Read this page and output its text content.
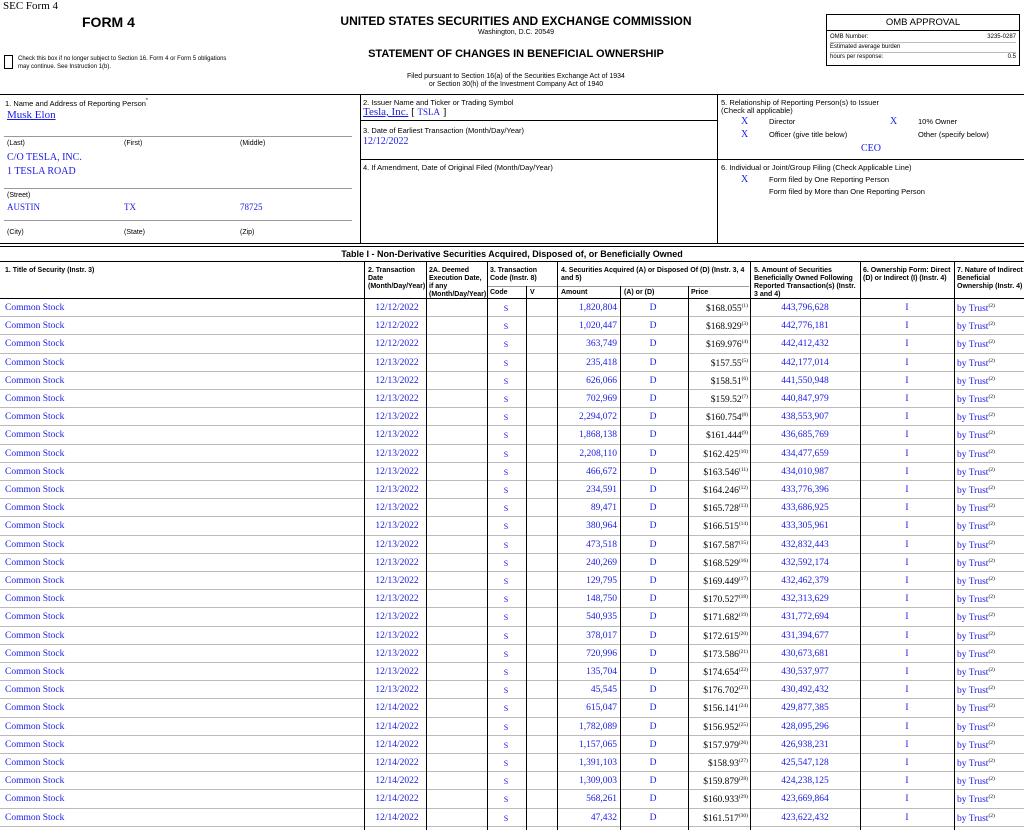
SEC Form 4
FORM 4	UNITED STATES SECURITIES AND EXCHANGE COMMISSION
Washington, D.C. 20549
STATEMENT OF CHANGES IN BENEFICIAL OWNERSHIP
Filed pursuant to Section 16(a) of the Securities Exchange Act of 1934
or Section 30(h) of the Investment Company Act of 1940
Check this box if no longer subject to Section 16. Form 4 or Form 5 obligations may continue. See Instruction 1(b).
OMB APPROVAL
OMB Number:	3235-0287
Estimated average burden
hours per response:	0.5
1. Name and Address of Reporting Person*
Musk Elon
(Last)	(First)	(Middle)
C/O TESLA, INC.
1 TESLA ROAD
(Street)
AUSTIN	TX	78725
(City)	(State)	(Zip)
2. Issuer Name and Ticker or Trading Symbol
Tesla, Inc. [ TSLA ]
3. Date of Earliest Transaction (Month/Day/Year)
12/12/2022
4. If Amendment, Date of Original Filed (Month/Day/Year)
5. Relationship of Reporting Person(s) to Issuer
(Check all applicable)
X	Director	X	10% Owner
X	Officer (give title below)	Other (specify below)
CEO
6. Individual or Joint/Group Filing (Check Applicable Line)
X	Form filed by One Reporting Person
Form filed by More than One Reporting Person
Table I - Non-Derivative Securities Acquired, Disposed of, or Beneficially Owned
1. Title of Security (Instr. 3)	2. Transaction Date (Month/Day/Year)
2A. Deemed Execution Date, if any (Month/Day/Year)
3. Transaction Code (Instr. 8)
4. Securities Acquired (A) or Disposed Of (D) (Instr. 3, 4 and 5)
5. Amount of Securities Beneficially Owned Following Reported Transaction(s) (Instr. 3 and 4)
6. Ownership Form: Direct (D) or Indirect (I) (Instr. 4)
7. Nature of Indirect Beneficial Ownership (Instr. 4)
Code	V	Amount	(A) or (D)	Price
Common Stock	12/12/2022	S	1,820,804	D	$168.055$^{(1)}$	443,796,628	I	by Trust$^{(2)}$
Common Stock	12/12/2022	S	1,020,447	D	$168.929$^{(3)}$	442,776,181	I	by Trust$^{(2)}$
Common Stock	12/12/2022	S	363,749	D	$169.976$^{(4)}$	442,412,432	I	by Trust$^{(2)}$
Common Stock	12/13/2022	S	235,418	D	$157.55$^{(5)}$	442,177,014	I	by Trust$^{(2)}$
Common Stock	12/13/2022	S	626,066	D	$158.51$^{(6)}$	441,550,948	I	by Trust$^{(2)}$
Common Stock	12/13/2022	S	702,969	D	$159.52$^{(7)}$	440,847,979	I	by Trust$^{(2)}$
Common Stock	12/13/2022	S	2,294,072	D	$160.754$^{(8)}$	438,553,907	I	by Trust$^{(2)}$
Common Stock	12/13/2022	S	1,868,138	D	$161.444$^{(9)}$	436,685,769	I	by Trust$^{(2)}$
Common Stock	12/13/2022	S	2,208,110	D	$162.425$^{(10)}$	434,477,659	I	by Trust$^{(2)}$
Common Stock	12/13/2022	S	466,672	D	$163.546$^{(11)}$	434,010,987	I	by Trust$^{(2)}$
Common Stock	12/13/2022	S	234,591	D	$164.246$^{(12)}$	433,776,396	I	by Trust$^{(2)}$
Common Stock	12/13/2022	S	89,471	D	$165.728$^{(13)}$	433,686,925	I	by Trust$^{(2)}$
Common Stock	12/13/2022	S	380,964	D	$166.515$^{(14)}$	433,305,961	I	by Trust$^{(2)}$
Common Stock	12/13/2022	S	473,518	D	$167.587$^{(15)}$	432,832,443	I	by Trust$^{(2)}$
Common Stock	12/13/2022	S	240,269	D	$168.529$^{(16)}$	432,592,174	I	by Trust$^{(2)}$
Common Stock	12/13/2022	S	129,795	D	$169.449$^{(17)}$	432,462,379	I	by Trust$^{(2)}$
Common Stock	12/13/2022	S	148,750	D	$170.527$^{(18)}$	432,313,629	I	by Trust$^{(2)}$
Common Stock	12/13/2022	S	540,935	D	$171.682$^{(19)}$	431,772,694	I	by Trust$^{(2)}$
Common Stock	12/13/2022	S	378,017	D	$172.615$^{(20)}$	431,394,677	I	by Trust$^{(2)}$
Common Stock	12/13/2022	S	720,996	D	$173.586$^{(21)}$	430,673,681	I	by Trust$^{(2)}$
Common Stock	12/13/2022	S	135,704	D	$174.654$^{(22)}$	430,537,977	I	by Trust$^{(2)}$
Common Stock	12/13/2022	S	45,545	D	$176.702$^{(23)}$	430,492,432	I	by Trust$^{(2)}$
Common Stock	12/14/2022	S	615,047	D	$156.141$^{(24)}$	429,877,385	I	by Trust$^{(2)}$
Common Stock	12/14/2022	S	1,782,089	D	$156.952$^{(25)}$	428,095,296	I	by Trust$^{(2)}$
Common Stock	12/14/2022	S	1,157,065	D	$157.979$^{(26)}$	426,938,231	I	by Trust$^{(2)}$
Common Stock	12/14/2022	S	1,391,103	D	$158.93$^{(27)}$	425,547,128	I	by Trust$^{(2)}$
Common Stock	12/14/2022	S	1,309,003	D	$159.879$^{(28)}$	424,238,125	I	by Trust$^{(2)}$
Common Stock	12/14/2022	S	568,261	D	$160.933$^{(29)}$	423,669,864	I	by Trust$^{(2)}$
Common Stock	12/14/2022	S	47,432	D	$161.517$^{(30)}$	423,622,432	I	by Trust$^{(2)}$
